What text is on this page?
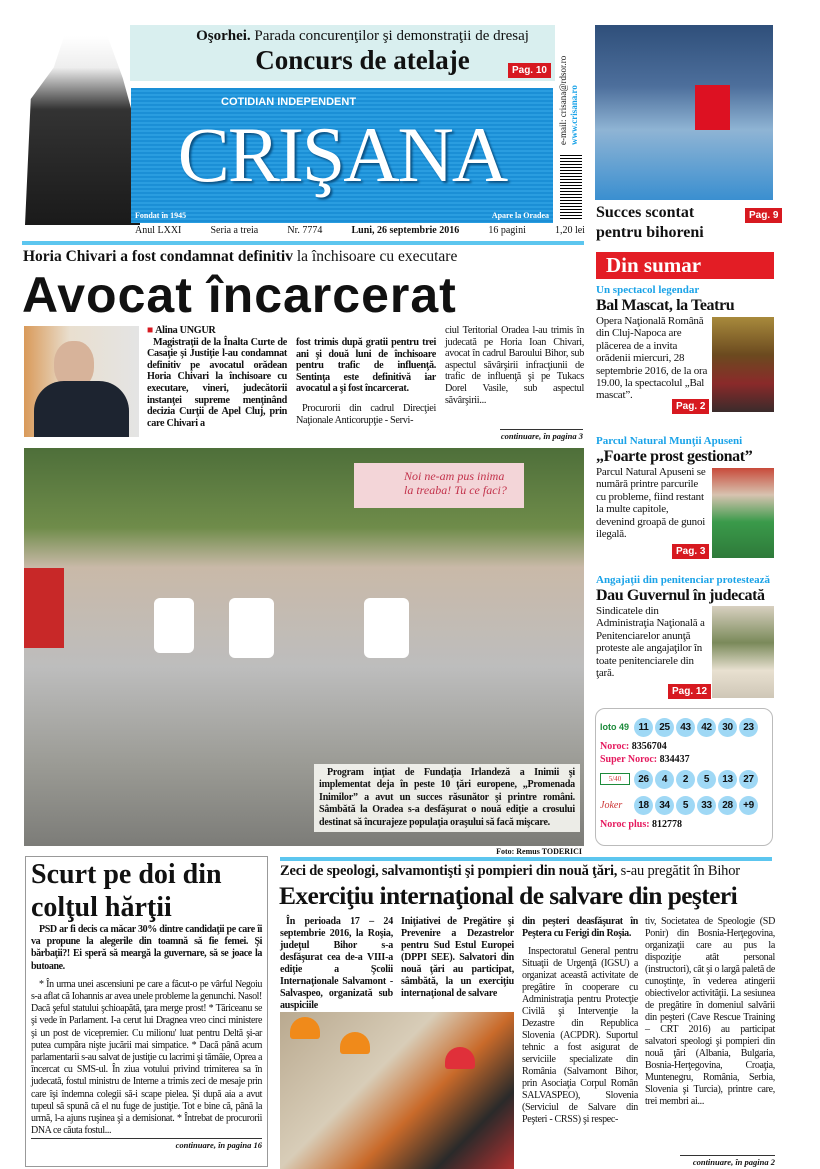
Oşorhei. Parada concurenţilor şi demonstraţii de dresaj
Concurs de atelaje	Pag. 10
COTIDIAN INDEPENDENT
CRIŞANA
Fondat în 1945	Apare la Oradea
e-mail: crisana@rdsor.ro www.crisana.ro
Anul LXXI	Seria a treia	Nr. 7774	Luni, 26 septembrie 2016	16 pagini	1,20 lei
Succes scontat pentru bihoreni
Pag. 9
Horia Chivari a fost condamnat definitiv la închisoare cu executare
Avocat încarcerat
■ Alina UNGUR
Magistraţii de la Înalta Curte de Casaţie şi Justiţie l-au condamnat definitiv pe avocatul orădean Horia Chivari la închisoare cu executare, vineri, judecătorii instanţei supreme menţinând decizia Curţii de Apel Cluj, prin care Chivari a
fost trimis după gratii pentru trei ani şi două luni de închisoare pentru trafic de influenţă. Sentinţa este definitivă iar avocatul a şi fost încarcerat.
Procurorii din cadrul Direcţiei Naţionale Anticorupţie - Servi-
ciul Teritorial Oradea l-au trimis în judecată pe Horia Ioan Chivari, avocat în cadrul Baroului Bihor, sub aspectul săvârşirii infracţiunii de trafic de influenţă şi pe Tukacs Dorel Vasile, sub aspectul săvârşirii...
continuare, în pagina 3
Noi ne-am pus inima la treaba! Tu ce faci?
Program inţiat de Fundaţia Irlandeză a Inimii şi implementat deja în peste 10 ţări europene, „Promenada Inimilor” a avut un succes răsunător şi printre români. Sâmbătă la Oradea s-a desfăşurat o nouă ediţie a crosului destinat să încurajeze populaţia oraşului să facă mişcare.
Foto: Remus TODERICI
Din sumar
Un spectacol legendar
Bal Mascat, la Teatru
Opera Naţională Română din Cluj-Napoca are plăcerea de a invita orădenii miercuri, 28 septembrie 2016, de la ora 19.00, la spectacolul „Bal mascat”.
Pag. 2
Parcul Natural Munţii Apuseni
„Foarte prost gestionat”
Parcul Natural Apuseni se numără printre parcurile cu probleme, fiind restant la multe capitole, devenind groapă de gunoi ilegală.
Pag. 3
Angajaţii din penitenciar protestează
Dau Guvernul în judecată
Sindicatele din Administraţia Naţională a Penitenciarelor anunţă proteste ale angajaţilor în toate penitenciarele din ţară.
Pag. 12
loto 49 11	25	43	42	30	23
Noroc: 8356704
Super Noroc: 834437
5/40	26	4	2	5	13	27
Joker	18	34	5	33	28	+9
Noroc plus: 812778
Scurt pe doi din colţul hărţii
PSD ar fi decis ca măcar 30% dintre candidaţii pe care îi va propune la alegerile din toamnă să fie femei. Şi bărbaţii?! Ei speră să meargă la guvernare, să se joace la butoane.
* În urma unei ascensiuni pe care a făcut-o pe vârful Negoiu s-a aflat că Iohannis ar avea unele probleme la genunchi. Nasol! Dacă şeful statului şchioapătă, ţara merge prost! * Tăriceanu se şi vede în Parlament. I-a cerut lui Dragnea vreo cinci ministere şi un post de vicepremier. Cu milionu' luat pentru Deltă şi-ar putea cumpăra nişte jucării mai simpatice. * Dacă până acum parlamentarii s-au salvat de justiţie cu lacrimi şi tămâie, Oprea a încercat cu SMS-ul. În ziua votului privind trimiterea sa în judecată, fostul ministru de Interne a trimis zeci de mesaje prin care îşi îndemna colegii să-i scape pielea. Şi după aia a avut tupeul să spună că el nu fuge de justiţie. Tot e bine că, până la urmă, l-a ajuns ruşinea şi a demisionat. * Întrebat de procurorii DNA ce căuta fostul...
continuare, în pagina 16
Zeci de speologi, salvamontişti şi pompieri din nouă ţări, s-au pregătit în Bihor
Exerciţiu internaţional de salvare din peşteri
În perioada 17 – 24 septembrie 2016, la Roşia, judeţul Bihor s-a desfăşurat cea de-a VIII-a ediţie a Şcolii Internaţionale Salvamont - Salvaspeo, organizată sub auspiciile
Iniţiativei de Pregătire şi Prevenire a Dezastrelor pentru Sud Estul Europei (DPPI SEE). Salvatori din nouă ţări au participat, sâmbătă, la un exerciţiu internaţional de salvare
din peşteri deasfăşurat în Peştera cu Ferigi din Roşia.
Inspectoratul General pentru Situaţii de Urgenţă (IGSU) a organizat această activitate de pregătire în cooperare cu Administraţia pentru Protecţie Civilă şi Intervenţie la Dezastre din Republica Slovenia (ACPDR). Suportul tehnic a fost asigurat de serviciile specializate din România (Salvamont Bihor, prin Asociaţia Corpul Român SALVASPEO), Slovenia (Serviciul de Salvare din Peşteri - CRSS) şi respec-
tiv, Societatea de Speologie (SD Ponir) din Bosnia-Herţegovina, organizaţii care au pus la dispoziţie atât personal (instructori), cât şi o largă paletă de cunoştinţe, în vederea atingerii obiectivelor activităţii. La sesiunea de pregătire în domeniul salvării din peşteri (Cave Rescue Training – CRT 2016) au participat salvatori speologi şi pompieri din nouă ţări (Albania, Bulgaria, Bosnia-Herţegovina, Croaţia, Muntenegru, România, Serbia, Slovenia şi Turcia), printre care, trei membri ai...
continuare, în pagina 2
